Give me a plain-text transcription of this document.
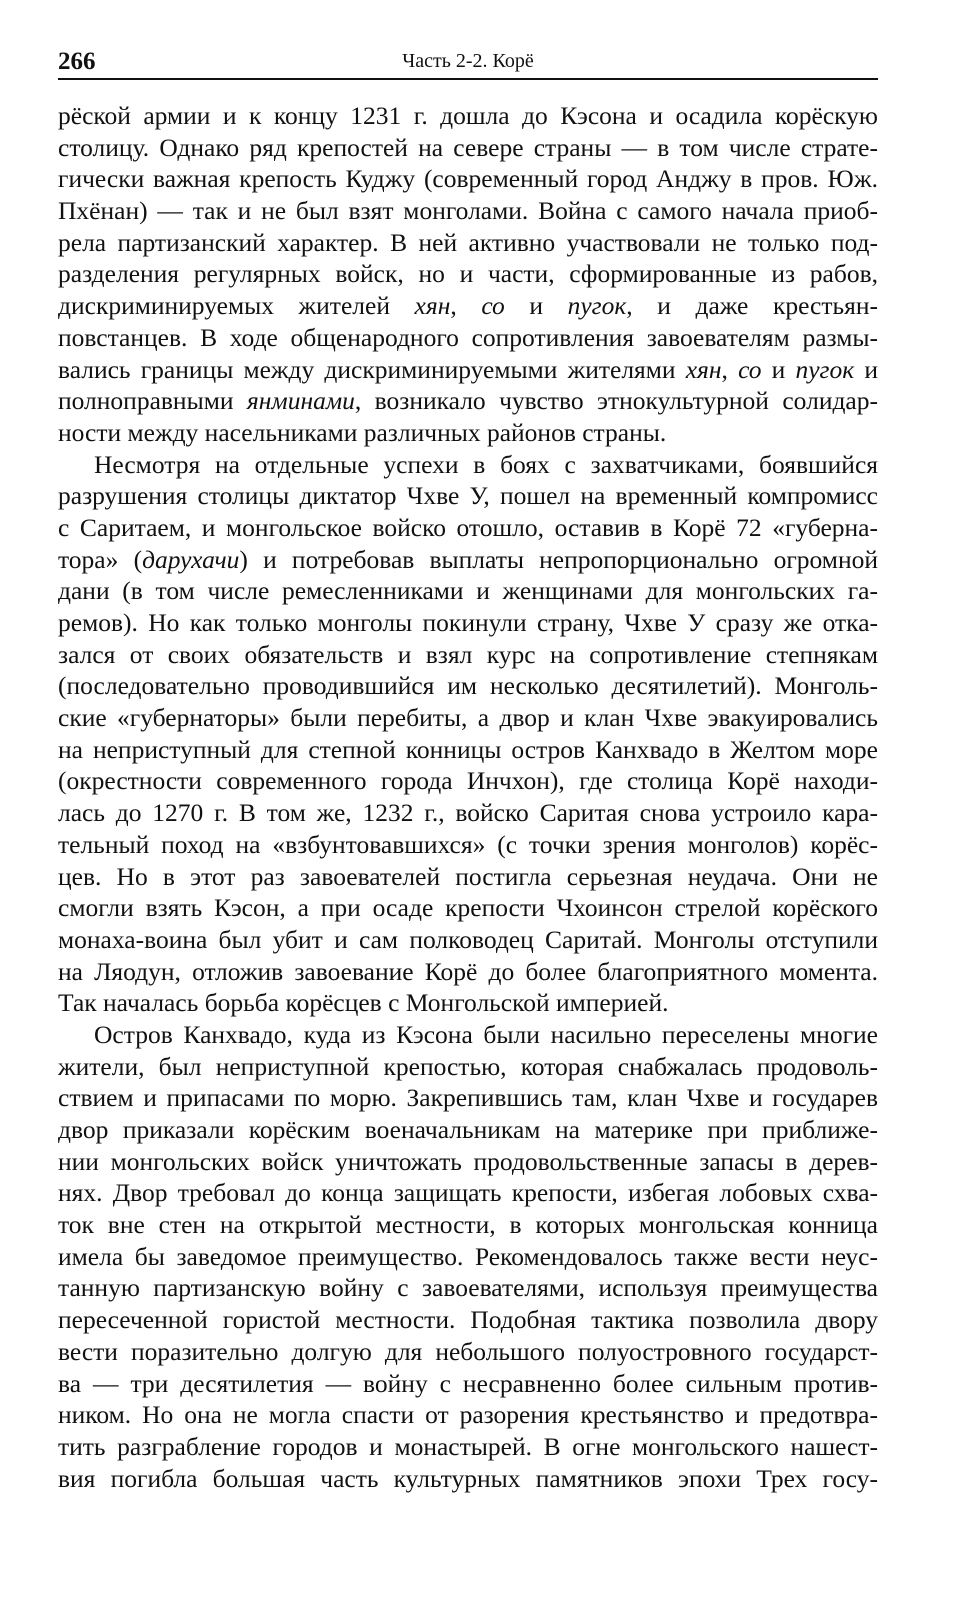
266	Часть 2-2. Корё
рёской армии и к концу 1231 г. дошла до Кэсона и осадила корёскую
столицу. Однако ряд крепостей на севере страны — в том числе страте-
гически важная крепость Куджу (современный город Анджу в пров. Юж.
Пхёнан) — так и не был взят монголами. Война с самого начала приоб-
рела партизанский характер. В ней активно участвовали не только под-
разделения регулярных войск, но и части, сформированные из рабов,
дискриминируемых жителей хян, со и пугок, и даже крестьян-
повстанцев. В ходе общенародного сопротивления завоевателям размы-
вались границы между дискриминируемыми жителями хян, со и пугок и
полноправными янминами, возникало чувство этнокультурной солидар-
ности между насельниками различных районов страны.
Несмотря на отдельные успехи в боях с захватчиками, боявшийся
разрушения столицы диктатор Чхве У, пошел на временный компромисс
с Саритаем, и монгольское войско отошло, оставив в Корё 72 «губерна-
тора» (дарухачи) и потребовав выплаты непропорционально огромной
дани (в том числе ремесленниками и женщинами для монгольских га-
ремов). Но как только монголы покинули страну, Чхве У сразу же отка-
зался от своих обязательств и взял курс на сопротивление степнякам
(последовательно проводившийся им несколько десятилетий). Монголь-
ские «губернаторы» были перебиты, а двор и клан Чхве эвакуировались
на неприступный для степной конницы остров Канхвадо в Желтом море
(окрестности современного города Инчхон), где столица Корё находи-
лась до 1270 г. В том же, 1232 г., войско Саритая снова устроило кара-
тельный поход на «взбунтовавшихся» (с точки зрения монголов) корёс-
цев. Но в этот раз завоевателей постигла серьезная неудача. Они не
смогли взять Кэсон, а при осаде крепости Чхоинсон стрелой корёского
монаха-воина был убит и сам полководец Саритай. Монголы отступили
на Ляодун, отложив завоевание Корё до более благоприятного момента.
Так началась борьба корёсцев с Монгольской империей.
Остров Канхвадо, куда из Кэсона были насильно переселены многие
жители, был неприступной крепостью, которая снабжалась продоволь-
ствием и припасами по морю. Закрепившись там, клан Чхве и государев
двор приказали корёским военачальникам на материке при приближе-
нии монгольских войск уничтожать продовольственные запасы в дерев-
нях. Двор требовал до конца защищать крепости, избегая лобовых схва-
ток вне стен на открытой местности, в которых монгольская конница
имела бы заведомое преимущество. Рекомендовалось также вести неус-
танную партизанскую войну с завоевателями, используя преимущества
пересеченной гористой местности. Подобная тактика позволила двору
вести поразительно долгую для небольшого полуостровного государст-
ва — три десятилетия — войну с несравненно более сильным против-
ником. Но она не могла спасти от разорения крестьянство и предотвра-
тить разграбление городов и монастырей. В огне монгольского нашест-
вия погибла большая часть культурных памятников эпохи Трех госу-
